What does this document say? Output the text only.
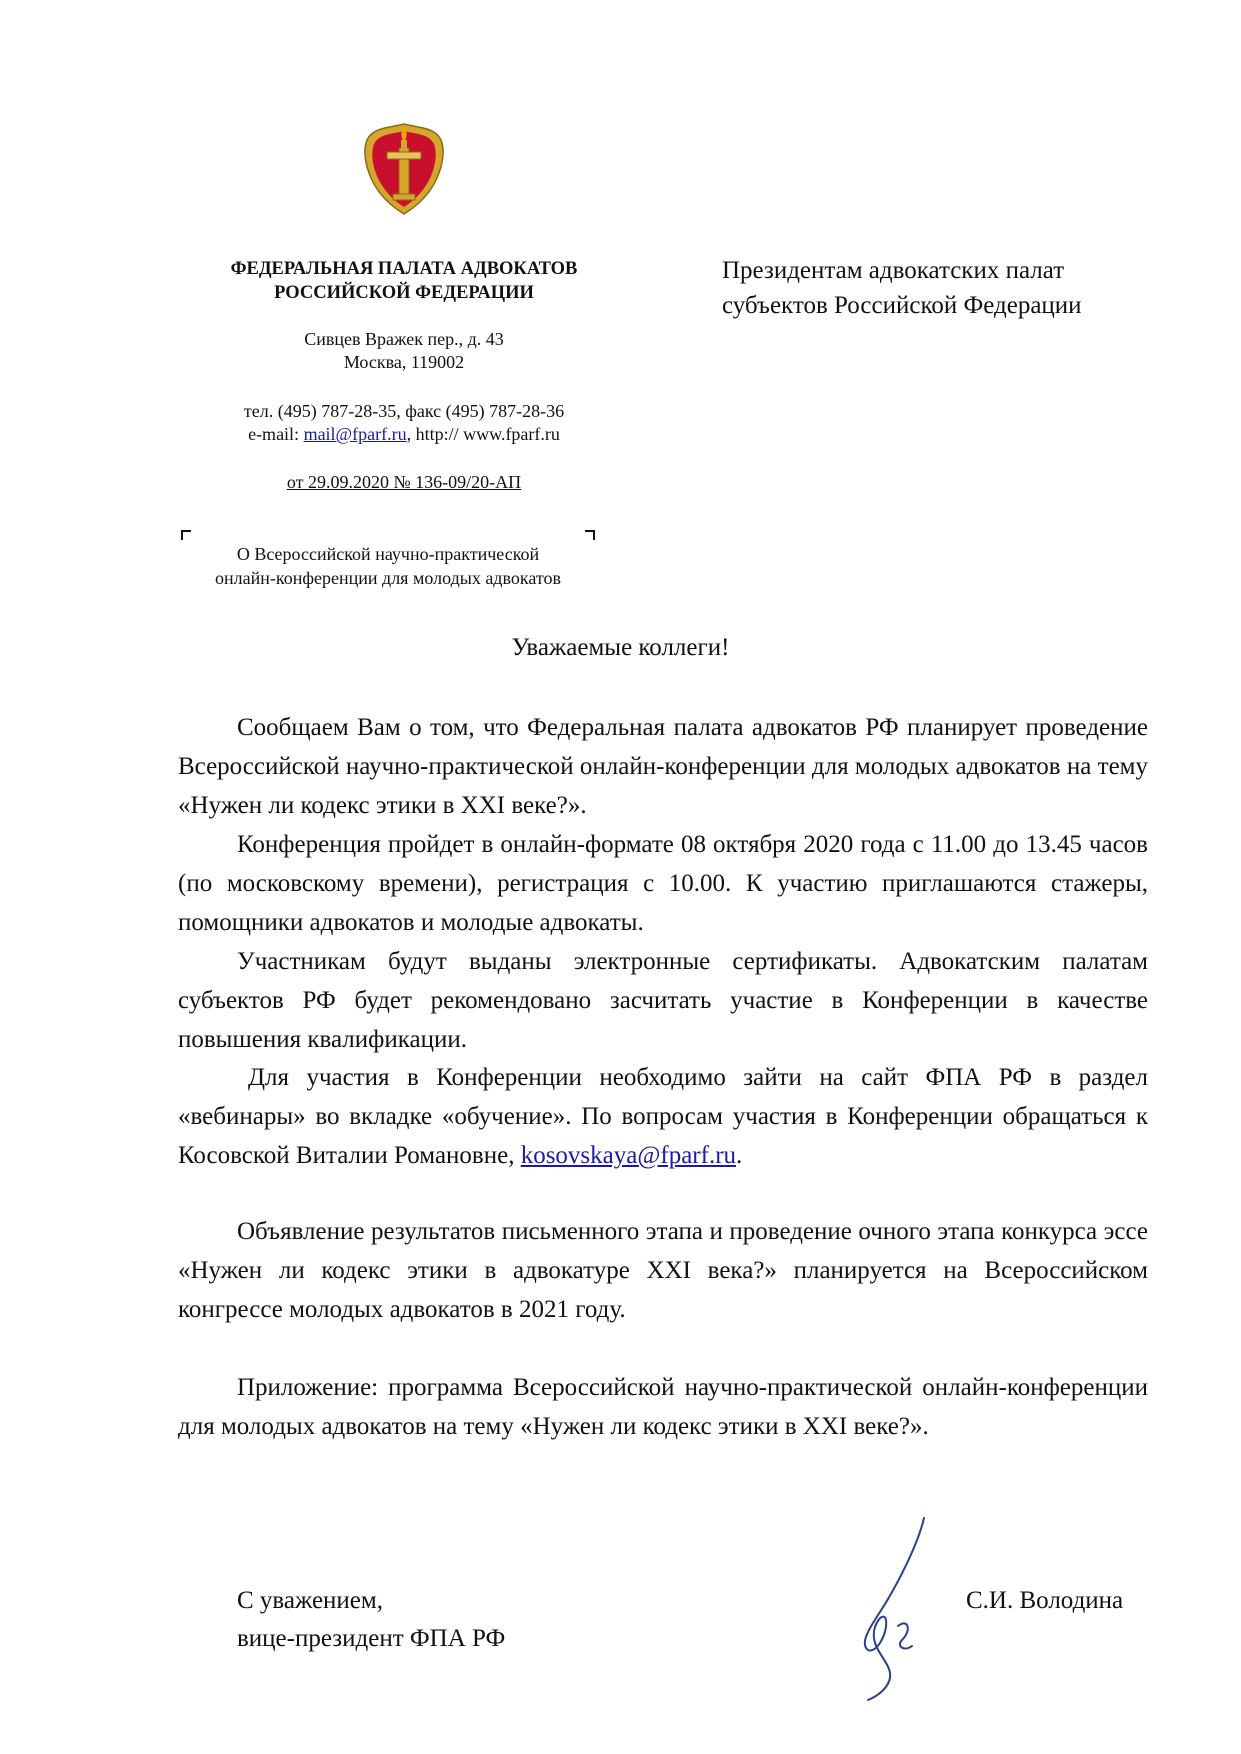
ФЕДЕРАЛЬНАЯ ПАЛАТА АДВОКАТОВ
РОССИЙСКОЙ ФЕДЕРАЦИИ
Сивцев Вражек пер., д. 43
Москва, 119002
тел. (495) 787-28-35, факс (495) 787-28-36
e-mail: mail@fparf.ru, http:// www.fparf.ru
от 29.09.2020 № 136-09/20-АП
О Всероссийской научно-практической
онлайн-конференции для молодых адвокатов
Президентам адвокатских палат
субъектов Российской Федерации
Уважаемые коллеги!

Сообщаем Вам о том, что Федеральная палата адвокатов РФ планирует проведение Всероссийской научно-практической онлайн-конференции для молодых адвокатов на тему «Нужен ли кодекс этики в XXI веке?».

Конференция пройдет в онлайн-формате 08 октября 2020 года с 11.00 до 13.45 часов (по московскому времени), регистрация с 10.00. К участию приглашаются стажеры, помощники адвокатов и молодые адвокаты.

Участникам будут выданы электронные сертификаты. Адвокатским палатам субъектов РФ будет рекомендовано засчитать участие в Конференции в качестве повышения квалификации.

Для участия в Конференции необходимо зайти на сайт ФПА РФ в раздел «вебинары» во вкладке «обучение». По вопросам участия в Конференции обращаться к Косовской Виталии Романовне, kosovskaya@fparf.ru.

Объявление результатов письменного этапа и проведение очного этапа конкурса эссе «Нужен ли кодекс этики в адвокатуре XXI века?» планируется на Всероссийском конгрессе молодых адвокатов в 2021 году.

Приложение: программа Всероссийской научно-практической онлайн-конференции для молодых адвокатов на тему «Нужен ли кодекс этики в XXI веке?».

С уважением,
вице-президент ФПА РФ
С.И. Володина
